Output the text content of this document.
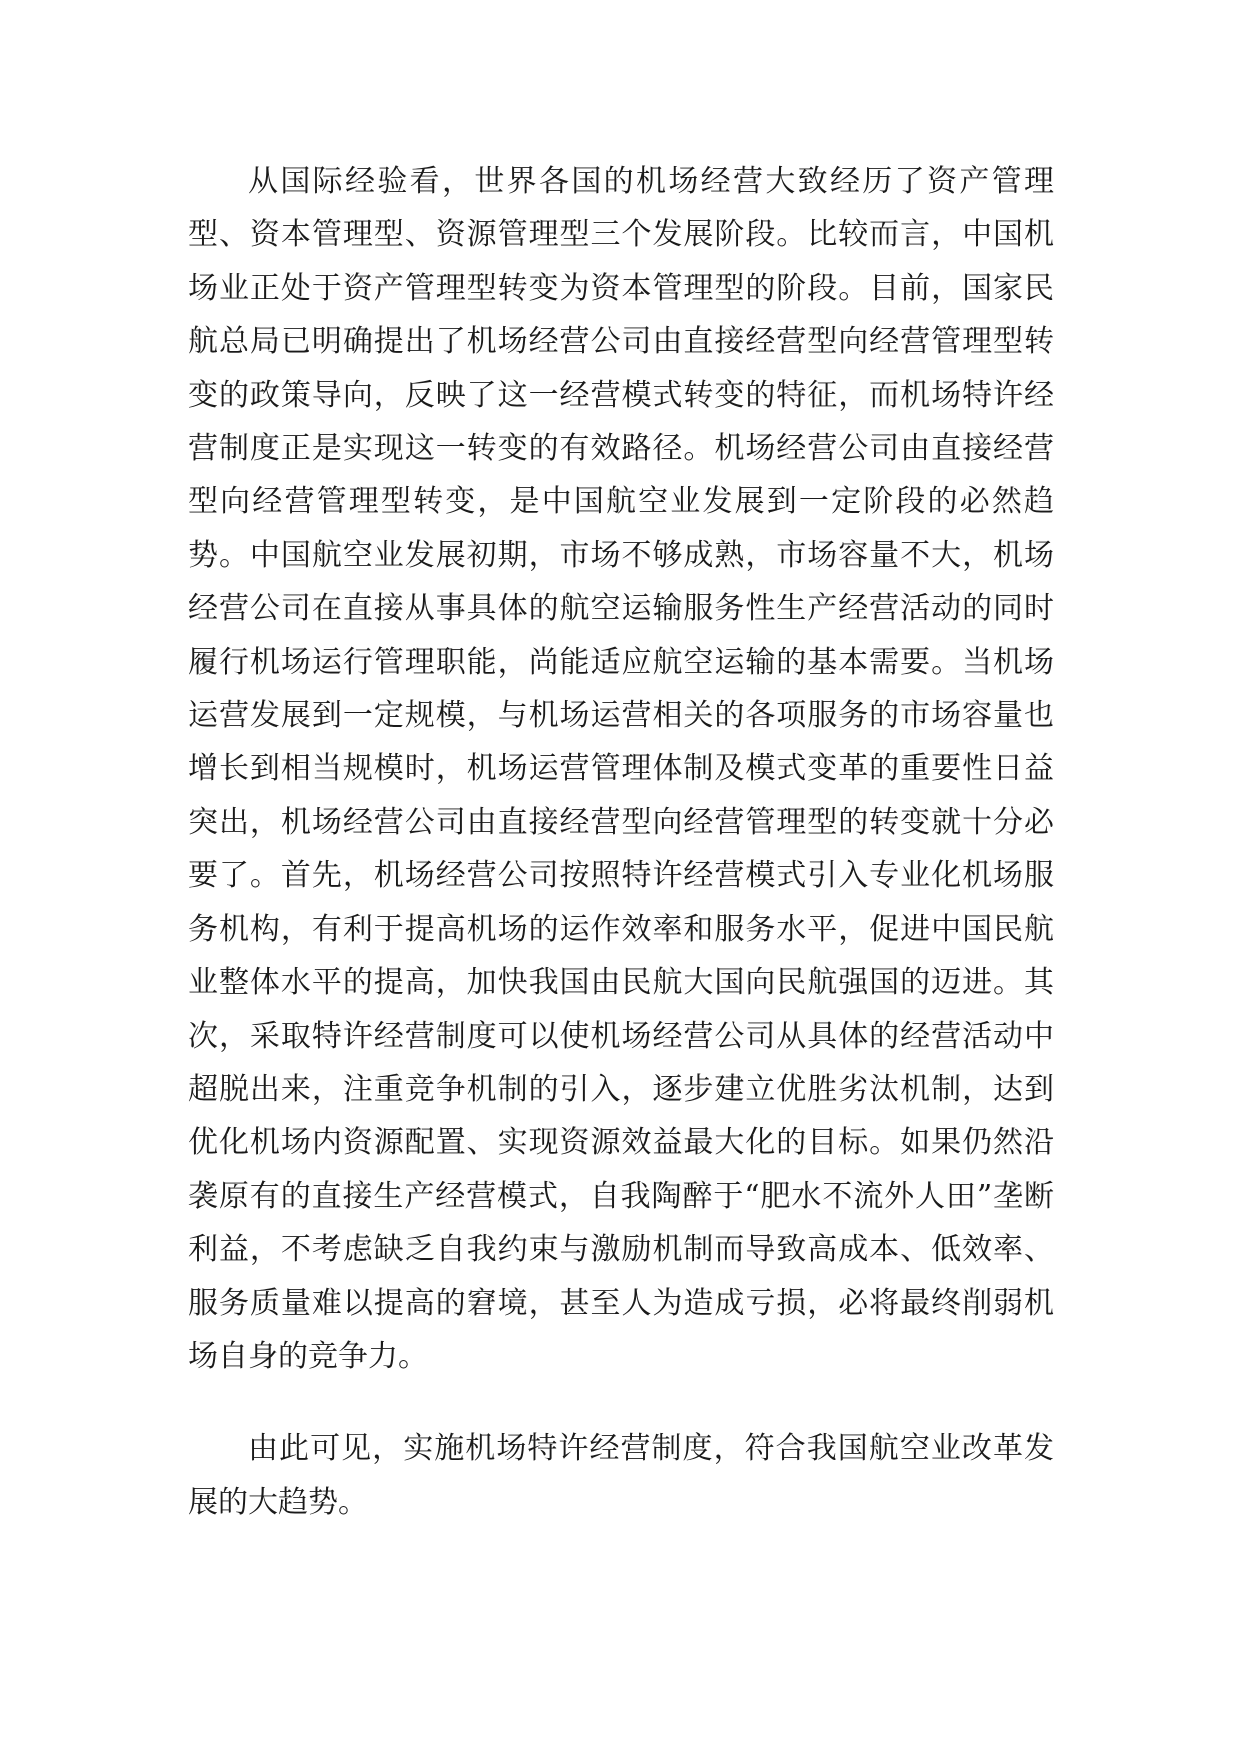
从国际经验看，世界各国的机场经营大致经历了资产管理型、资本管理型、资源管理型三个发展阶段。比较而言，中国机场业正处于资产管理型转变为资本管理型的阶段。目前，国家民航总局已明确提出了机场经营公司由直接经营型向经营管理型转变的政策导向，反映了这一经营模式转变的特征，而机场特许经营制度正是实现这一转变的有效路径。机场经营公司由直接经营型向经营管理型转变，是中国航空业发展到一定阶段的必然趋势。中国航空业发展初期，市场不够成熟，市场容量不大，机场经营公司在直接从事具体的航空运输服务性生产经营活动的同时履行机场运行管理职能，尚能适应航空运输的基本需要。当机场运营发展到一定规模，与机场运营相关的各项服务的市场容量也增长到相当规模时，机场运营管理体制及模式变革的重要性日益突出，机场经营公司由直接经营型向经营管理型的转变就十分必要了。首先，机场经营公司按照特许经营模式引入专业化机场服务机构，有利于提高机场的运作效率和服务水平，促进中国民航业整体水平的提高，加快我国由民航大国向民航强国的迈进。其次，采取特许经营制度可以使机场经营公司从具体的经营活动中超脱出来，注重竞争机制的引入，逐步建立优胜劣汰机制，达到优化机场内资源配置、实现资源效益最大化的目标。如果仍然沿袭原有的直接生产经营模式，自我陶醉于“肥水不流外人田”垄断利益，不考虑缺乏自我约束与激励机制而导致高成本、低效率、服务质量难以提高的窘境，甚至人为造成亏损，必将最终削弱机场自身的竞争力。

由此可见，实施机场特许经营制度，符合我国航空业改革发展的大趋势。
